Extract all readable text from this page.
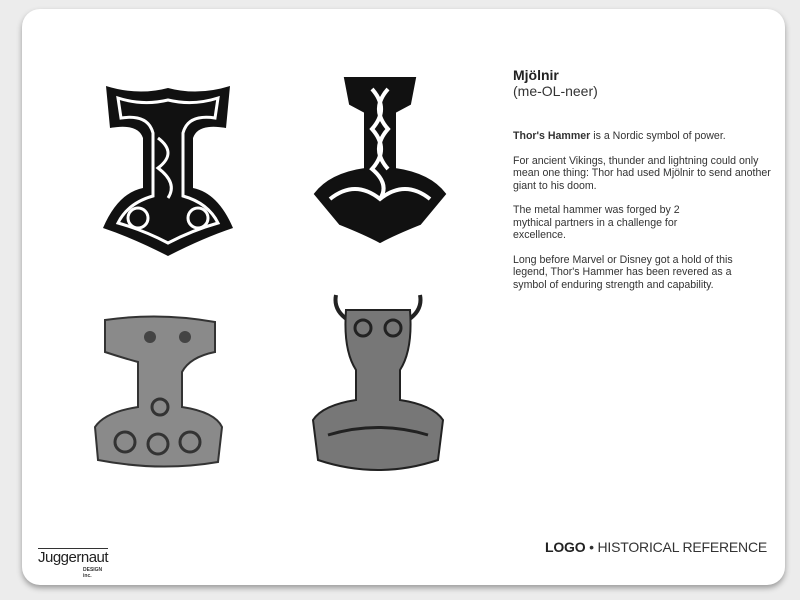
Mjölnir
(me-OL-neer)

Thor's Hammer is a Nordic symbol of power.

For ancient Vikings, thunder and lightning could only mean one thing: Thor had used Mjölnir to send another giant to his doom.

The metal hammer was forged by 2 mythical partners in a challenge for excellence.

Long before Marvel or Disney got a hold of this legend, Thor's Hammer has been revered as a symbol of enduring strength and capability.

LOGO • HISTORICAL REFERENCE
Juggernaut
DESIGN inc.
